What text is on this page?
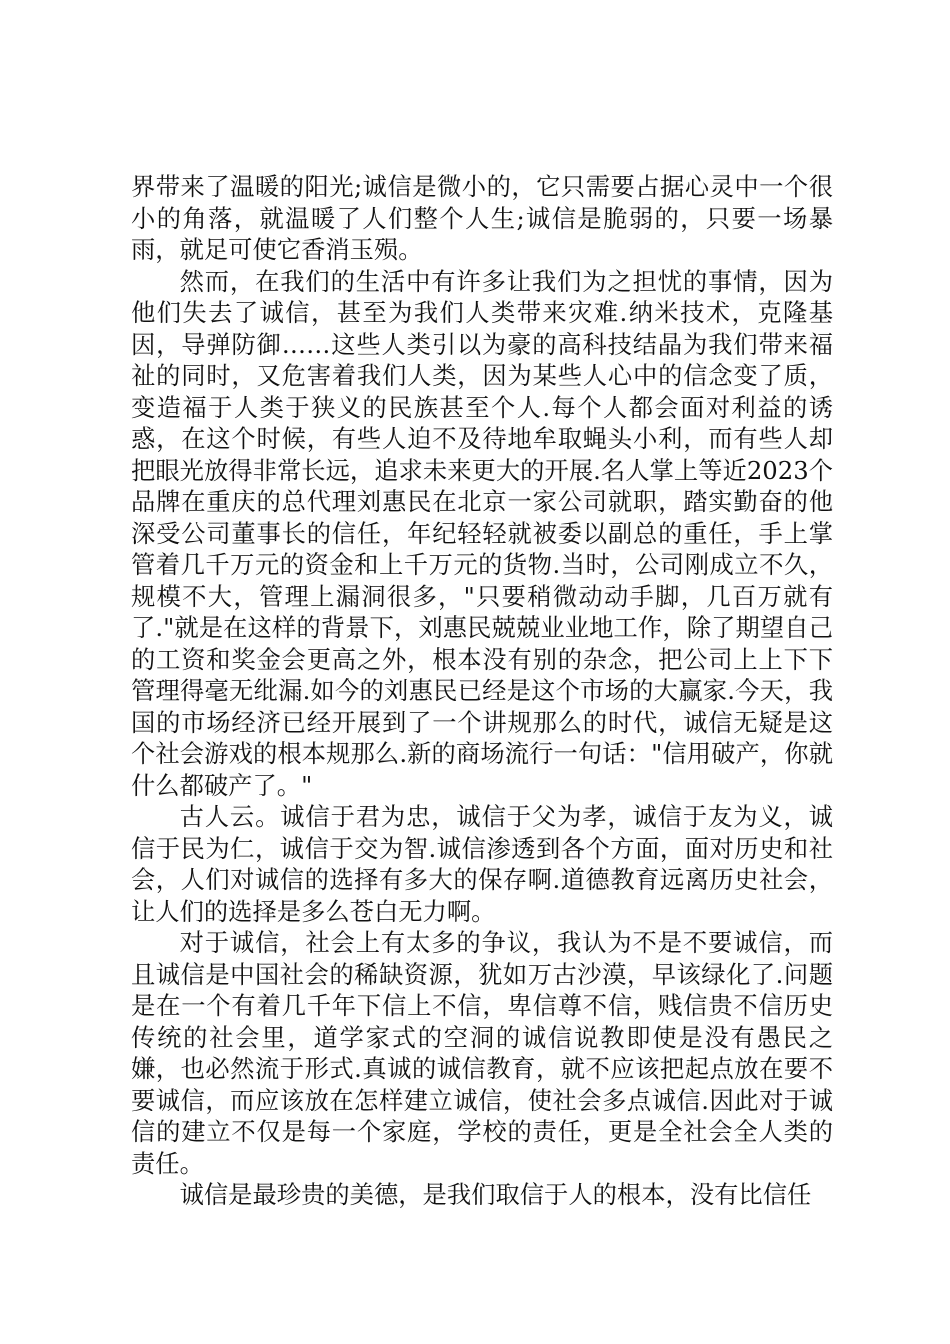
界带来了温暖的阳光;诚信是微小的，它只需要占据心灵中一个很小的角落，就温暖了人们整个人生;诚信是脆弱的，只要一场暴雨，就足可使它香消玉殒。

然而，在我们的生活中有许多让我们为之担忧的事情，因为他们失去了诚信，甚至为我们人类带来灾难.纳米技术，克隆基因，导弹防御……这些人类引以为豪的高科技结晶为我们带来福祉的同时，又危害着我们人类，因为某些人心中的信念变了质，变造福于人类于狭义的民族甚至个人.每个人都会面对利益的诱惑，在这个时候，有些人迫不及待地牟取蝇头小利，而有些人却把眼光放得非常长远，追求未来更大的开展.名人掌上等近2023个品牌在重庆的总代理刘惠民在北京一家公司就职，踏实勤奋的他深受公司董事长的信任，年纪轻轻就被委以副总的重任，手上掌管着几千万元的资金和上千万元的货物.当时，公司刚成立不久，规模不大，管理上漏洞很多，"只要稍微动动手脚，几百万就有了."就是在这样的背景下，刘惠民兢兢业业地工作，除了期望自己的工资和奖金会更高之外，根本没有别的杂念，把公司上上下下管理得毫无纰漏.如今的刘惠民已经是这个市场的大赢家.今天，我国的市场经济已经开展到了一个讲规那么的时代，诚信无疑是这个社会游戏的根本规那么.新的商场流行一句话："信用破产，你就什么都破产了。"

古人云。诚信于君为忠，诚信于父为孝，诚信于友为义，诚信于民为仁，诚信于交为智.诚信渗透到各个方面，面对历史和社会，人们对诚信的选择有多大的保存啊.道德教育远离历史社会，让人们的选择是多么苍白无力啊。

对于诚信，社会上有太多的争议，我认为不是不要诚信，而且诚信是中国社会的稀缺资源，犹如万古沙漠，早该绿化了.问题是在一个有着几千年下信上不信，卑信尊不信，贱信贵不信历史传统的社会里，道学家式的空洞的诚信说教即使是没有愚民之嫌，也必然流于形式.真诚的诚信教育，就不应该把起点放在要不要诚信，而应该放在怎样建立诚信，使社会多点诚信.因此对于诚信的建立不仅是每一个家庭，学校的责任，更是全社会全人类的责任。

诚信是最珍贵的美德，是我们取信于人的根本，没有比信任
